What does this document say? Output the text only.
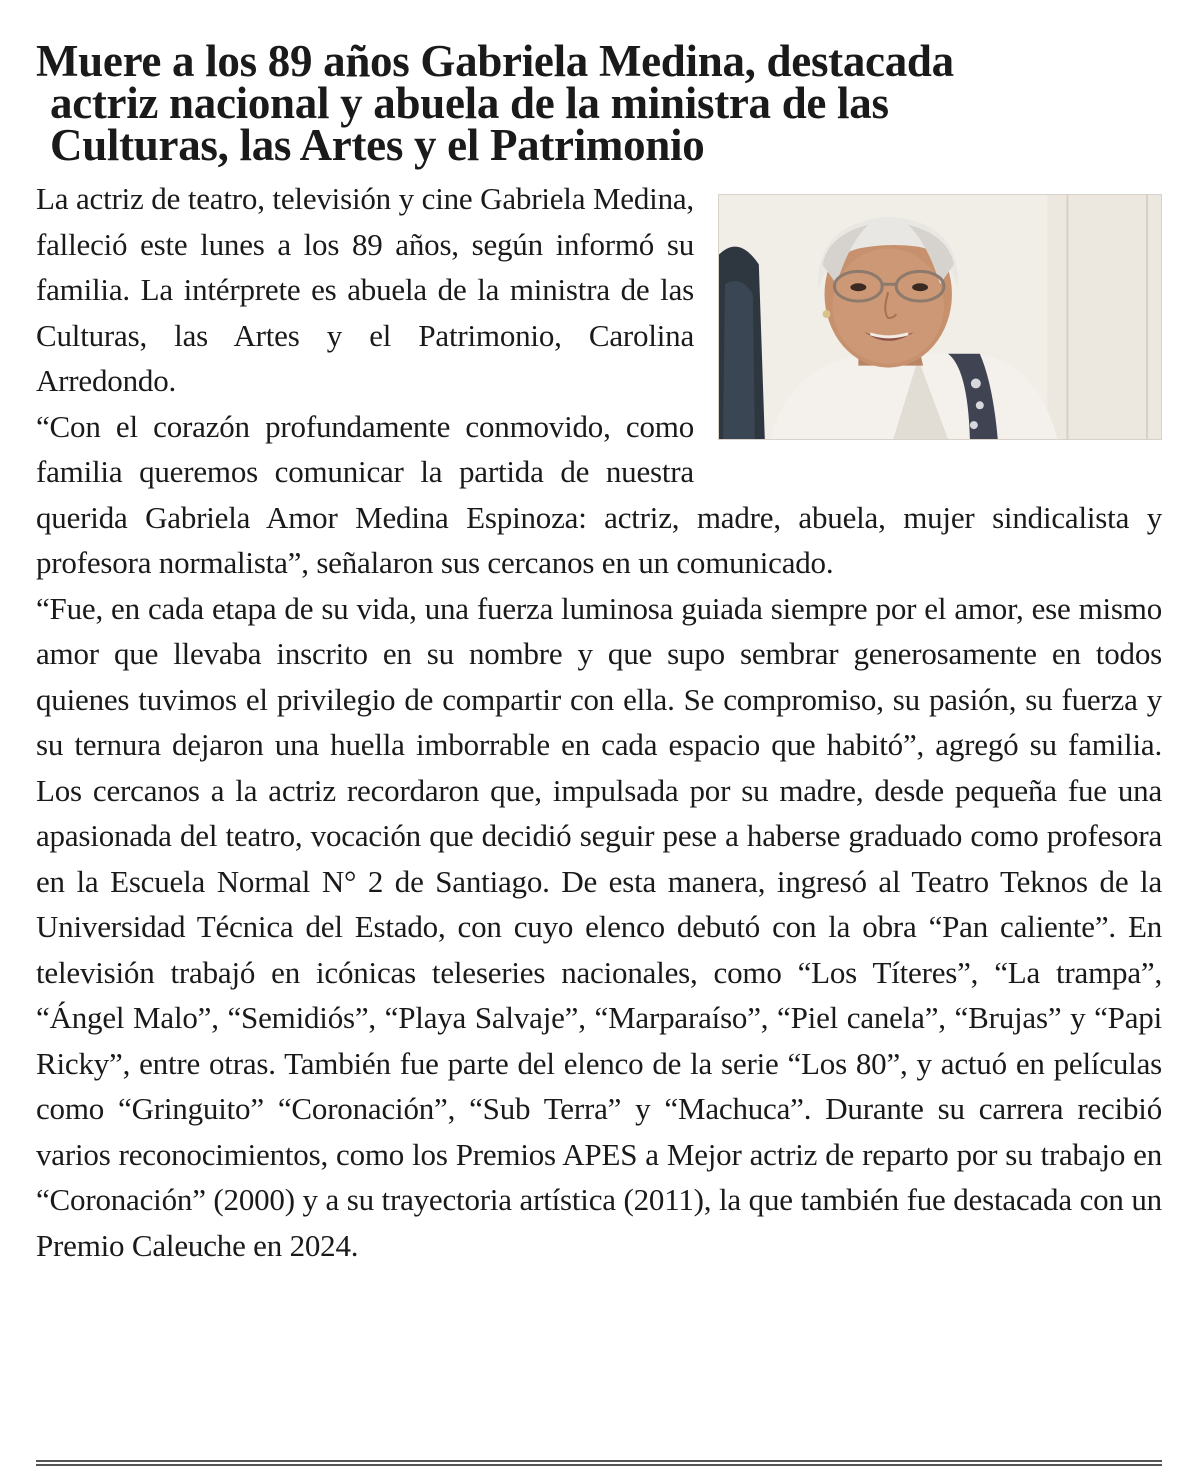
Muere a los 89 años Gabriela Medina, destacada
actriz nacional y abuela de la ministra de las
Culturas, las Artes y el Patrimonio

La actriz de teatro, televisión y cine Gabriela Medina, falleció este lunes a los 89 años, según informó su familia. La intérprete es abuela de la ministra de las Culturas, las Artes y el Patrimonio, Carolina Arredondo.

“Con el corazón profundamente conmovido, como familia queremos comunicar la partida de nuestra querida Gabriela Amor Medina Espinoza: actriz, madre, abuela, mujer sindicalista y profesora normalista”, señalaron sus cercanos en un comunicado.

“Fue, en cada etapa de su vida, una fuerza luminosa guiada siempre por el amor, ese mismo amor que llevaba inscrito en su nombre y que supo sembrar generosamente en todos quienes tuvimos el privilegio de compartir con ella. Se compromiso, su pasión, su fuerza y su ternura dejaron una huella imborrable en cada espacio que habitó”, agregó su familia. Los cercanos a la actriz recordaron que, impulsada por su madre, desde pequeña fue una apasionada del teatro, vocación que decidió seguir pese a haberse graduado como profesora en la Escuela Normal N° 2 de Santiago. De esta manera, ingresó al Teatro Teknos de la Universidad Técnica del Estado, con cuyo elenco debutó con la obra “Pan caliente”. En televisión trabajó en icónicas teleseries nacionales, como “Los Títeres”, “La trampa”, “Ángel Malo”, “Semidiós”, “Playa Salvaje”, “Marparaíso”, “Piel canela”, “Brujas” y “Papi Ricky”, entre otras. También fue parte del elenco de la serie “Los 80”, y actuó en películas como “Gringuito” “Coronación”, “Sub Terra” y “Machuca”. Durante su carrera recibió varios reconocimientos, como los Premios APES a Mejor actriz de reparto por su trabajo en “Coronación” (2000) y a su trayectoria artística (2011), la que también fue destacada con un Premio Caleuche en 2024.
